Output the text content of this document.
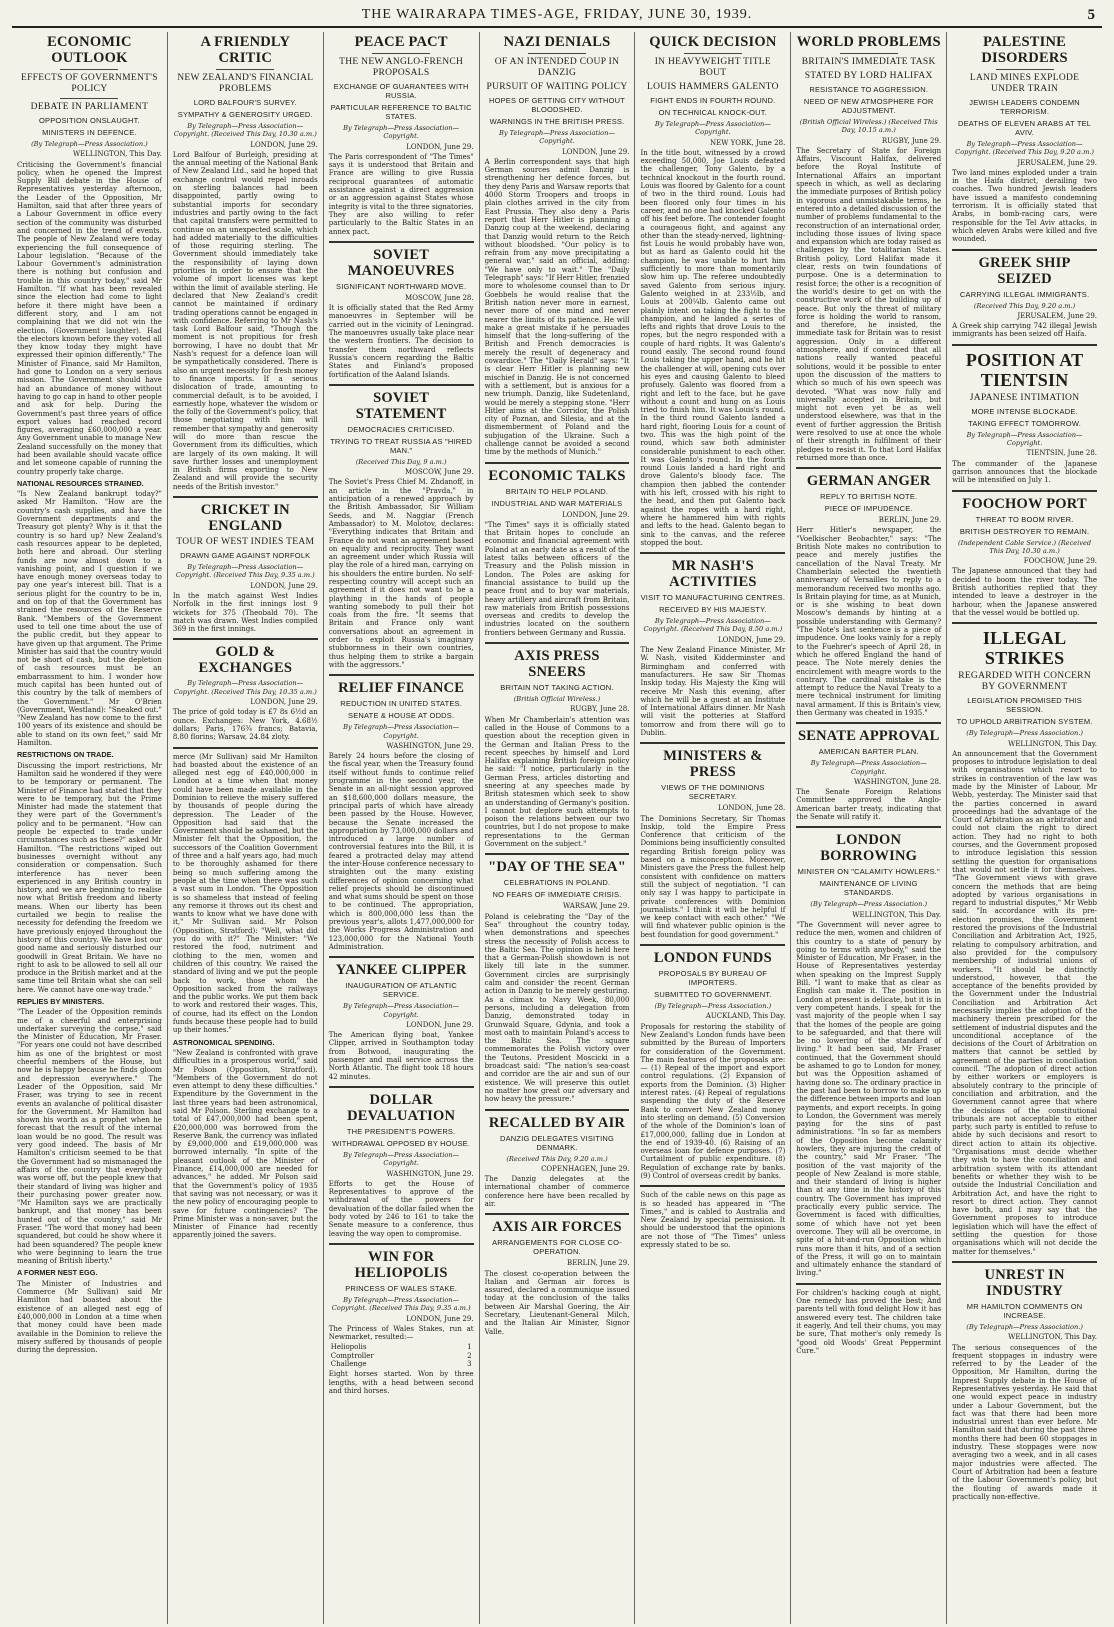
THE WAIRARAPA TIMES-AGE, FRIDAY, JUNE 30, 1939.	5
ECONOMIC OUTLOOK
EFFECTS OF GOVERNMENT'S POLICY
DEBATE IN PARLIAMENT
OPPOSITION ONSLAUGHT.
MINISTERS IN DEFENCE.
(By Telegraph—Press Association.)
WELLINGTON, This Day.

Criticising the Government's financial policy, when he opened the Imprest Supply Bill debate in the House of Representatives yesterday afternoon, the Leader of the Opposition, Mr Hamilton, said that after three years of a Labour Government in office every section of the community was disturbed and concerned in the trend of events. The people of New Zealand were today experiencing the full consequence of Labour legislation. "Because of the Labour Government's administration there is nothing but confusion and trouble in this country today," said Mr Hamilton. "If what has been revealed since the election had come to light before it there might have been a different story, and I am not complaining that we did not win the election. (Government laughter). Had the electors known before they voted all they know today they might have expressed their opinion differently." The Minister of Finance, said Mr Hamilton, had gone to London on a very serious mission. The Government should have had an abundance of money without having to go cap in hand to other people and ask for help. During the Government's past three years of office export values had reached record figures, averaging £60,000,000 a year. Any Government unable to manage New Zealand successfully on the money that had been available should vacate office and let someone capable of running the country properly take charge.

NATIONAL RESOURCES STRAINED.

"Is New Zealand bankrupt today?" asked Mr Hamilton. "How are the country's cash supplies, and have the Government departments and the Treasury got plenty? Why is it that the country is so hard up? New Zealand's cash resources appear to be depleted, both here and abroad. Our sterling funds are now almost down to a vanishing point, and I question if we have enough money overseas today to pay one year's interest bill. That is a serious plight for the country to be in, and on top of that the Government has strained the resources of the Reserve Bank. "Members of the Government used to tell one time about the use of the public credit, but they appear to have given up that argument. The Prime Minister has said that the country would not be short of cash, but the depletion of cash resources must be an embarrassment to him. I wonder how much capital has been hunted out of this country by the talk of members of the Government." Mr O'Brien (Government, Westland): "Sneaked out." "New Zealand has now come to the first 100 years of its existence and should be able to stand on its own feet," said Mr Hamilton.

RESTRICTIONS ON TRADE.

Discussing the import restrictions, Mr Hamilton said he wondered if they were to be temporary or permanent. The Minister of Finance had stated that they were to be temporary, but the Prime Minister had made the statement that they were part of the Government's policy and to be permanent. "How can people be expected to trade under circumstances such as these?" asked Mr Hamilton. "The restrictions wiped out businesses overnight without any consideration or compensation. Such interference has never been experienced in any British country in history, and we are beginning to realise now what British freedom and liberty means. When our liberty has been curtailed we begin to realise the necessity for defending the freedom we have previously enjoyed throughout the history of this country. We have lost our good name and seriously disturbed our goodwill in Great Britain. We have no right to ask to be allowed to sell all our produce in the British market and at the same time tell Britain what she can sell here. We cannot have one-way trade."

REPLIES BY MINISTERS.

"The Leader of the Opposition reminds me of a cheerful and enterprising undertaker surveying the corpse," said the Minister of Education, Mr Fraser. "For years one could not have described him as one of the brightest or most cheerful members of the House, but now he is happy because he finds gloom and depression everywhere." The Leader of the Opposition, said Mr Fraser, was trying to see in recent events an avalanche of political disaster for the Government. Mr Hamilton had shown his worth as a prophet when he forecast that the result of the internal loan would be no good. The result was very good indeed. The basis of Mr Hamilton's criticism seemed to be that the Government had so mismanaged the affairs of the country that everybody was worse off, but the people knew that their standard of living was higher and their purchasing power greater now. "Mr Hamilton says we are practically bankrupt, and that money has been hunted out of the country," said Mr Fraser. "The word that money had been squandered, but could he show where it had been squandered? The people knew who were beginning to learn the true meaning of British liberty."

A FORMER NEST EGG.

The Minister of Industries and Commerce (Mr Sullivan) said Mr Hamilton had boasted about the existence of an alleged nest egg of £40,000,000 in London at a time when that money could have been made available in the Dominion to relieve the misery suffered by thousands of people during the depression.

A FRIENDLY CRITIC
NEW ZEALAND'S FINANCIAL PROBLEMS
LORD BALFOUR'S SURVEY.
SYMPATHY & GENEROSITY URGED.
By Telegraph—Press Association—Copyright. (Received This Day, 10.30 a.m.)
LONDON, June 29.

Lord Balfour of Burleigh, presiding at the annual meeting of the National Bank of New Zealand Ltd., said he hoped that exchange control would repel inroads on sterling balances had been disappointed, partly owing to substantial imports for secondary industries and partly owing to the fact that capital transfers were permitted to continue on an unexpected scale, which had added materially to the difficulties of those requiring sterling. The Government should immediately take the responsibility of laying down priorities in order to ensure that the volume of import licenses was kept within the limit of available sterling. He declared that New Zealand's credit cannot be maintained if ordinary trading operations cannot be engaged in with confidence. Referring to Mr Nash's task Lord Balfour said, "Though the moment is not propitious for fresh borrowing, I have no doubt that Mr Nash's request for a defence loan will be sympathetically considered. There is also an urgent necessity for fresh money to finance imports. If a serious dislocation of trade, amounting to commercial default, is to be avoided, I earnestly hope, whatever the wisdom or the folly of the Government's policy, that those negotiating with him will remember that sympathy and generosity will do more than rescue the Government from its difficulties, which are largely of its own making. It will save further losses and unemployment in British firms exporting to New Zealand and will provide the security needs of the British investor."

CRICKET IN ENGLAND
TOUR OF WEST INDIES TEAM
DRAWN GAME AGAINST NORFOLK
By Telegraph—Press Association—Copyright. (Received This Day, 9.35 a.m.)
LONDON, June 29.

In the match against West Indies Norfolk in the first innings lost 9 wickets for 375 (Theobald 70). The match was drawn. West Indies compiled 369 in the first innings.

GOLD & EXCHANGES
By Telegraph—Press Association—Copyright. (Received This Day, 10.35 a.m.)
LONDON, June 29.

The price of gold today is £7 8s 6½d an ounce. Exchanges: New York, 4.68½ dollars; Paris, 176¾ francs; Batavia, 8.80 florins; Warsaw, 24.84 zloty.

merce (Mr Sullivan) said Mr Hamilton had boasted about the existence of an alleged nest egg of £40,000,000 in London at a time when that money could have been made available in the Dominion to relieve the misery suffered by thousands of people during the depression. The Leader of the Opposition had said that the Government should be ashamed, but the Minister felt that the Opposition, the successors of the Coalition Government of three and a half years ago, had much to be thoroughly ashamed for there being so much suffering among the people at the time when there was such a vast sum in London. "The Opposition is so shameless that instead of feeling any remorse it throws out its chest and wants to know what we have done with it," Mr Sullivan said. Mr Polson (Opposition, Stratford): "Well, what did you do with it?" The Minister: "We restored the food, nutriment and clothing to the men, women and children of this country. We raised the standard of living and we put the people back to work, those whom the Opposition sacked from the railways and the public works. We put them back to work and restored their wages. This, of course, had its effect on the London funds because these people had to build up their homes."

ASTRONOMICAL SPENDING.

"New Zealand is confronted with grave difficulties in a prosperous world," said Mr Polson (Opposition, Stratford). "Members of the Government do not even attempt to deny these difficulties." Expenditure by the Government in the last three years had been astronomical, said Mr Polson. Sterling exchange to a total of £47,000,000 had been spent, £20,000,000 was borrowed from the Reserve Bank, the currency was inflated by £9,000,000 and £19,000,000 was borrowed internally. "In spite of the pleasant outlook of the Minister of Finance, £14,000,000 are needed for advances," he added. Mr Polson said that the Government's policy of 1935 that saving was not necessary, or was it the new policy of encouraging people to save for future contingencies? The Prime Minister was a non-saver, but the Minister of Finance had recently apparently joined the savers.

PEACE PACT
THE NEW ANGLO-FRENCH PROPOSALS
EXCHANGE OF GUARANTEES WITH RUSSIA.
PARTICULAR REFERENCE TO BALTIC STATES.
By Telegraph—Press Association—Copyright.
LONDON, June 29.

The Paris correspondent of "The Times" says it is understood that Britain and France are willing to give Russia reciprocal guarantees of automatic assistance against a direct aggression or an aggression against States whose integrity is vital to the three signatories. They are also willing to refer particularly to the Baltic States in an annex pact.

SOVIET MANOEUVRES
SIGNIFICANT NORTHWARD MOVE.
MOSCOW, June 28.

It is officially stated that the Red Army manoeuvres in September will be carried out in the vicinity of Leningrad. The manoeuvres usually take place near the western frontiers. The decision to transfer them northward reflects Russia's concern regarding the Baltic States and Finland's proposed fortification of the Aaland Islands.

SOVIET STATEMENT
DEMOCRACIES CRITICISED.
TRYING TO TREAT RUSSIA AS "HIRED MAN."
(Received This Day, 9 a.m.)
MOSCOW, June 29.

The Soviet's Press Chief M. Zhdanoff, in an article in the "Pravda," in anticipation of a renewed approach by the British Ambassador, Sir William Seeds, and M. Naggiar (French Ambassador) to M. Molotov, declares: "Everything indicates that Britain and France do not want an agreement based on equality and reciprocity. They want an agreement under which Russia will play the role of a hired man, carrying on his shoulders the entire burden. No self-respecting country will accept such an agreement if it does not want to be a plaything in the hands of people wanting somebody to pull their hot coals from the fire. "It seems that Britain and France only want conversations about an agreement in order to exploit Russia's imaginary stubbornness in their own countries, thus helping them to strike a bargain with the aggressors."

RELIEF FINANCE
REDUCTION IN UNITED STATES.
SENATE & HOUSE AT ODDS.
By Telegraph—Press Association—Copyright.
WASHINGTON, June 29.

Barely 24 hours before the closing of the fiscal year, when the Treasury found itself without funds to continue relief programme in the second year, the Senate in an all-night session approved an $18,600,000 dollars measure, the principal parts of which have already been passed by the House. However, because the Senate increased the appropriation by 73,000,000 dollars and introduced a large number of controversial features into the Bill, it is feared a protracted delay may attend the inter-House conference necessary to straighten out the many existing differences of opinion concerning what relief projects should be discontinued and what sums should be spent on those to be continued. The appropriation, which is 800,000,000 less than the previous year's, allots 1,477,000,000 for the Works Progress Administration and 123,000,000 for the National Youth Administration.

YANKEE CLIPPER
INAUGURATION OF ATLANTIC SERVICE.
By Telegraph—Press Association—Copyright.
LONDON, June 29.

The American flying boat, Yankee Clipper, arrived in Southampton today from Botwood, inaugurating the passenger and mail service across the North Atlantic. The flight took 18 hours 42 minutes.

DOLLAR DEVALUATION
THE PRESIDENT'S POWERS.
WITHDRAWAL OPPOSED BY HOUSE.
By Telegraph—Press Association—Copyright.
WASHINGTON, June 29.

Efforts to get the House of Representatives to approve of the withdrawal of the powers for devaluation of the dollar failed when the body voted by 246 to 161 to take the Senate measure to a conference, thus leaving the way open to compromise.

WIN FOR HELIOPOLIS
PRINCESS OF WALES STAKE.
By Telegraph—Press Association—Copyright. (Received This Day, 9.35 a.m.)
LONDON, June 29.

The Princess of Wales Stakes, run at Newmarket, resulted:—

Heliopolis	1
Comptroller	2
Challenge	3

Eight horses started. Won by three lengths, with a head between second and third horses.

NAZI DENIALS
OF AN INTENDED COUP IN DANZIG
PURSUIT OF WAITING POLICY
HOPES OF GETTING CITY WITHOUT BLOODSHED.
WARNINGS IN THE BRITISH PRESS.
By Telegraph—Press Association—Copyright.
LONDON, June 29.

A Berlin correspondent says that high German sources admit Danzig is strengthening her defence forces, but they deny Paris and Warsaw reports that 4000 Storm Troopers and troops in plain clothes arrived in the city from East Prussia. They also deny a Paris report that Herr Hitler is planning a Danzig coup at the weekend, declaring that Danzig would return to the Reich without bloodshed. "Our policy is to refrain from any move precipitating a general war," said an official, adding: "We have only to wait." The "Daily Telegraph" says: "If Herr Hitler, frenzied more to wholesome counsel than to Dr Goebbels he would realise that the British nation never more in earnest, never more of one mind and never nearer the limits of its patience. He will make a great mistake if he persuades himself that the long-suffering of the British and French democracies is merely the result of degeneracy and cowardice." The "Daily Herald" says: "It is clear Herr Hitler is planning new mischief in Danzig. He is not concerned with a settlement, but is anxious for a new triumph. Danzig, like Sudetenland, would be merely a stepping stone. "Herr Hitler aims at the Corridor, the Polish city of Poznan, and Silesia, and at the dismemberment of Poland and the subjugation of the Ukraine. Such a challenge cannot be avoided a second time by the methods of Munich."

ECONOMIC TALKS
BRITAIN TO HELP POLAND.
INDUSTRIAL AND WAR MATERIALS
LONDON, June 29.

"The Times" says it is officially stated that Britain hopes to conclude an economic and financial agreement with Poland at an early date as a result of the latest talks between officers of the Treasury and the Polish mission in London. The Poles are asking for financial assistance to build up the peace front and to buy war materials, heavy artillery and aircraft from Britain, raw materials from British possessions overseas and credits to develop the industries located on the southern frontiers between Germany and Russia.

AXIS PRESS SNEERS
BRITAIN NOT TAKING ACTION.
(British Official Wireless.)
RUGBY, June 28.

When Mr Chamberlain's attention was called in the House of Commons to a question about the reception given in the German and Italian Press to the recent speeches by himself and Lord Halifax explaining British foreign policy he said: "I notice, particularly in the German Press, articles distorting and sneering at any speeches made by British statesmen which seek to show an understanding of Germany's position. I cannot but deplore such attempts to poison the relations between our two countries, but I do not propose to make representations to the German Government on the subject."

"DAY OF THE SEA"
CELEBRATIONS IN POLAND.
NO FEARS OF IMMEDIATE CRISIS.
WARSAW, June 29.

Poland is celebrating the "Day of the Sea" throughout the country today, when demonstrations and speeches stress the necessity of Polish access to the Baltic Sea. The opinion is held here that a German-Polish showdown is not likely till late in the summer. Government circles are surprisingly calm and consider the recent German action in Danzig to be merely gesturing. As a climax to Navy Week, 80,000 persons, including a delegation from Danzig, demonstrated today in Grunwald Square, Gdynia, and took a most oath to maintain Poland's access to the Baltic Sea. The square commemorates the Polish victory over the Teutons. President Moscicki in a broadcast said: "The nation's sea-coast and corridor are the air and sun of our existence. We will preserve this outlet no matter how great our adversary and how heavy the pressure."

RECALLED BY AIR
DANZIG DELEGATES VISITING DENMARK.
(Received This Day, 9.20 a.m.)
COPENHAGEN, June 29.

The Danzig delegates at the international chamber of commerce conference here have been recalled by air.

AXIS AIR FORCES
ARRANGEMENTS FOR CLOSE CO-OPERATION.
BERLIN, June 29.

The closest co-operation between the Italian and German air forces is assured, declared a communique issued today at the conclusion of the talks between Air Marshal Goering, the Air Secretary, Lieutenant-General Milch, and the Italian Air Minister, Signor Valle.

QUICK DECISION
IN HEAVYWEIGHT TITLE BOUT
LOUIS HAMMERS GALENTO
FIGHT ENDS IN FOURTH ROUND.
ON TECHNICAL KNOCK-OUT.
By Telegraph—Press Association—Copyright.
NEW YORK, June 28.

In the title bout, witnessed by a crowd exceeding 50,000, Joe Louis defeated the challenger, Tony Galento, by a technical knockout in the fourth round. Louis was floored by Galento for a count of two in the third round. Louis had been floored only four times in his career, and no one had knocked Galento off his feet before. The contender fought a courageous fight, and against any other than the steady-nerved, lightning-fist Louis he would probably have won, but as hard as Galento could hit the champion, he was unable to hurt him sufficiently to more than momentarily slow him up. The referee undoubtedly saved Galento from serious injury. Galento weighed in at 233½lb, and Louis at 200¼lb. Galento came out plainly intent on taking the fight to the champion, and he landed a series of lefts and rights that drove Louis to the ropes, but the negro responded with a couple of hard rights. It was Galento's round easily. The second round found Louis taking the upper hand, and he hit the challenger at will, opening cuts over his eyes and causing Galento to bleed profusely. Galento was floored from a right and left to the face, but he gave without a count and hung on as Louis tried to finish him. It was Louis's round. In the third round Galento landed a hard right, flooring Louis for a count of two. This was the high point of the round, which saw both administer considerable punishment to each other. It was Galento's round. In the fourth round Louis landed a hard right and drove Galento's bloody face. The champion then jabbed the contender with his left, crossed with his right to the head, and then put Galento back against the ropes with a hard right, where he hammered him with rights and lefts to the head. Galento began to sink to the canvas, and the referee stopped the bout.

MR NASH'S ACTIVITIES
VISIT TO MANUFACTURING CENTRES.
RECEIVED BY HIS MAJESTY.
By Telegraph—Press Association—Copyright. (Received This Day, 8.50 a.m.)
LONDON, June 29.

The New Zealand Finance Minister, Mr W. Nash, visited Kidderminster and Birmingham and conferred with manufacturers. He saw Sir Thomas Inskip today. His Majesty the King will receive Mr Nash this evening, after which he will be a guest at an Institute of International Affairs dinner. Mr Nash will visit the potteries at Stafford tomorrow and from there will go to Dublin.

MINISTERS & PRESS
VIEWS OF THE DOMINIONS SECRETARY.
LONDON, June 28.

The Dominions Secretary, Sir Thomas Inskip, told the Empire Press Conference that criticism of the Dominions being insufficiently consulted regarding British foreign policy was based on a misconception. Moreover, Ministers gave the Press the fullest help consistent with confidence on matters still the subject of negotiation. "I can only say I was happy to participate in private conferences with Dominion journalists." I think it will be helpful if we keep contact with each other." "We will find whatever public opinion is the best foundation for good government."

LONDON FUNDS
PROPOSALS BY BUREAU OF IMPORTERS.
SUBMITTED TO GOVERNMENT.
(By Telegraph—Press Association.)
AUCKLAND, This Day.

Proposals for restoring the stability of New Zealand's London funds have been submitted by the Bureau of Importers for consideration of the Government. The main features of the proposals are:— (1) Repeal of the import and export control regulations. (2) Expansion of exports from the Dominion. (3) Higher interest rates. (4) Repeal of regulations suspending the duty of the Reserve Bank to convert New Zealand money into sterling on demand. (5) Conversion of the whole of the Dominion's loan of £17,000,000, falling due in London at the end of 1939-40. (6) Raising of an overseas loan for defence purposes. (7) Curtailment of public expenditure. (8) Regulation of exchange rate by banks. (9) Control of overseas credit by banks.

Such of the cable news on this page as is so headed has appeared in "The Times," and is cabled to Australia and New Zealand by special permission. It should be understood that the opinions are not those of "The Times" unless expressly stated to be so.

WORLD PROBLEMS
BRITAIN'S IMMEDIATE TASK
STATED BY LORD HALIFAX
RESISTANCE TO AGGRESSION.
NEED OF NEW ATMOSPHERE FOR ADJUSTMENT.
(British Official Wireless.) (Received This Day, 10.15 a.m.)
RUGBY, June 29.

The Secretary of State for Foreign Affairs, Viscount Halifax, delivered before the Royal Institute of International Affairs an important speech in which, as well as declaring the immediate purposes of British policy in vigorous and unmistakable terms, he entered into a detailed discussion of the number of problems fundamental to the reconstruction of an international order, including those issues of living space and expansion which are today raised as challenges by the totalitarian States. British policy, Lord Halifax made it clear, rests on twin foundations of purpose. One is a determination to resist force; the other is a recognition of the world's desire to get on with the constructive work of the building up of peace. But only the threat of military force is holding the world to ransom, and therefore, he insisted, the immediate task for Britain was to resist aggression. Only in a different atmosphere, and if convinced that all nations really wanted peaceful solutions, would it be possible to enter upon the discussion of the matters to which so much of his own speech was devoted. "What was now fully and universally accepted in Britain, but might not even yet be as well understood elsewhere, was that in the event of further aggression the British were resolved to use at once the whole of their strength in fulfilment of their pledges to resist it. To that Lord Halifax returned more than once.

GERMAN ANGER
REPLY TO BRITISH NOTE.
PIECE OF IMPUDENCE.
BERLIN, June 29.

Herr Hitler's newspaper, the "Voelkischer Beobachter," says: "The British Note makes no contribution to peace and merely justifies the cancellation of the Naval Treaty. Mr Chamberlain selected the twentieth anniversary of Versailles to reply to a memorandum received two months ago. Is Britain playing for time, as at Munich, or is she wishing to beat down Moscow's demands by hinting at a possible understanding with Germany? "The Note's last sentence is a piece of impudence. One looks vainly for a reply to the Fuehrer's speech of April 28, in which he offered England the hand of peace. The Note merely denies the encirclement with meagre words to the contrary. The cardinal mistake is the attempt to reduce the Naval Treaty to a mere technical instrument for limiting naval armament. If this is Britain's view, then Germany was cheated in 1935."

SENATE APPROVAL
AMERICAN BARTER PLAN.
By Telegraph—Press Association—Copyright.
WASHINGTON, June 28.

The Senate Foreign Relations Committee approved the Anglo-American barter treaty, indicating that the Senate will ratify it.

LONDON BORROWING
MINISTER ON "CALAMITY HOWLERS."
MAINTENANCE OF LIVING STANDARDS.
(By Telegraph—Press Association.)
WELLINGTON, This Day.

"The Government will never agree to reduce the men, women and children of this country to a state of penury by going to terms with anybody," said the Minister of Education, Mr Fraser, in the House of Representatives yesterday when speaking on the Imprest Supply Bill. "I want to make that as clear as English can make it. The position in London at present is delicate, but it is in very competent hands. I speak for the vast majority of the people when I say that the homes of the people are going to be safeguarded, and that there will be no lowering of the standard of living." It had been said, Mr Fraser continued, that the Government should be ashamed to go to London for money, but was the Opposition ashamed of having done so. The ordinary practice in the past had been to borrow to make up the difference between imports and loan payments, and export receipts. In going to London, the Government was merely paying for the sins of past administrations. "In so far as members of the Opposition become calamity howlers, they are injuring the credit of the country," said Mr Fraser. "The position of the vast majority of the people of New Zealand is more stable, and their standard of living is higher than at any time in the history of this country. The Government has improved practically every public service. The Government is faced with difficulties, some of which have not yet been overcome. They will all be overcome, in spite of a hit-and-run Opposition which runs more than it hits, and of a section of the Press, it will go on to maintain and ultimately enhance the standard of living."

For children's hacking cough at night, One remedy has proved the best; And parents tell with fond delight How it has answered every test. The children take it eagerly, And tell their chums, you may be sure, That mother's only remedy Is "good old Woods' Great Peppermint Cure."

PALESTINE DISORDERS
LAND MINES EXPLODE UNDER TRAIN
JEWISH LEADERS CONDEMN TERRORISM.
DEATHS OF ELEVEN ARABS AT TEL AVIV.
By Telegraph—Press Association—Copyright. (Received This Day, 9.20 a.m.)
JERUSALEM, June 29.

Two land mines exploded under a train in the Haifa district, derailing two coaches. Two hundred Jewish leaders have issued a manifesto condemning terrorism. It is officially stated that Arabs, in bomb-racing cars, were responsible for the Tel Aviv attacks, in which eleven Arabs were killed and five wounded.

GREEK SHIP SEIZED
CARRYING ILLEGAL IMMIGRANTS.
(Received This Day, 9.20 a.m.)
JERUSALEM, June 29.

A Greek ship carrying 742 illegal Jewish immigrants has been seized off Haifa.

POSITION AT TIENTSIN
JAPANESE INTIMATION
MORE INTENSE BLOCKADE.
TAKING EFFECT TOMORROW.
By Telegraph—Press Association—Copyright.
TIENTSIN, June 28.

The commander of the Japanese garrison announces that the blockade will be intensified on July 1.

FOOCHOW PORT
THREAT TO BOOM RIVER.
BRITISH DESTROYER TO REMAIN.
(Independent Cable Service.) (Received This Day, 10.30 a.m.)
FOOCHOW, June 29.

The Japanese announced that they had decided to boom the river today. The British authorities replied that they intended to leave a destroyer in the harbour, when the Japanese answered that the vessel would be bottled up.

ILLEGAL STRIKES
REGARDED WITH CONCERN BY GOVERNMENT
LEGISLATION PROMISED THIS SESSION.
TO UPHOLD ARBITRATION SYSTEM.
(By Telegraph—Press Association.)
WELLINGTON, This Day.

An announcement that the Government proposes to introduce legislation to deal with organisations which resort to strikes in contravention of the law was made by the Minister of Labour, Mr Webb, yesterday. The Minister said that the parties concerned in award proceedings had the advantage of the Court of Arbitration as an arbitrator and could not claim the right to direct action. They had no right to both courses, and the Government proposed to introduce legislation this session settling the question for organisations that would not settle it for themselves. "The Government views with grave concern the methods that are being adopted by various organisations in regard to industrial disputes," Mr Webb said. "In accordance with its pre-election promises, the Government restored the provisions of the Industrial Conciliation and Arbitration Act, 1925, relating to compulsory arbitration, and also provided for the compulsory membership of industrial unions of workers. "It should be distinctly understood, however, that the acceptance of the benefits provided by the Government under the Industrial Conciliation and Arbitration Act necessarily implies the adoption of the machinery therein prescribed for the settlement of industrial disputes and the unconditional acceptance of the decisions of the Court of Arbitration on matters that cannot be settled by agreement of the parties in conciliation council. "The adoption of direct action by either workers or employers is absolutely contrary to the principle of conciliation and arbitration, and the Government cannot agree that where the decisions of the constitutional tribunals are not acceptable to either party, such party is entitled to refuse to abide by such decisions and resort to direct action to attain its objective. "Organisations must decide whether they wish to have the conciliation and arbitration system with its attendant benefits or whether they wish to be outside the Industrial Conciliation and Arbitration Act, and have the right to resort to direct action. They cannot have both, and I may say that the Government proposes to introduce legislation which will have the effect of settling the question for those organisations which will not decide the matter for themselves."

UNREST IN INDUSTRY
MR HAMILTON COMMENTS ON INCREASE.
(By Telegraph—Press Association.)
WELLINGTON, This Day.

The serious consequences of the frequent stoppages in industry were referred to by the Leader of the Opposition, Mr Hamilton, during the Imprest Supply debate in the House of Representatives yesterday. He said that one would expect peace in industry under a Labour Government, but the fact was that there had been more industrial unrest than ever before. Mr Hamilton said that during the past three months there had been 60 stoppages in industry. These stoppages were now averaging two a week, and in all cases major industries were affected. The Court of Arbitration had been a feature of the Labour Government's policy, but the flouting of awards made it practically non-effective.
